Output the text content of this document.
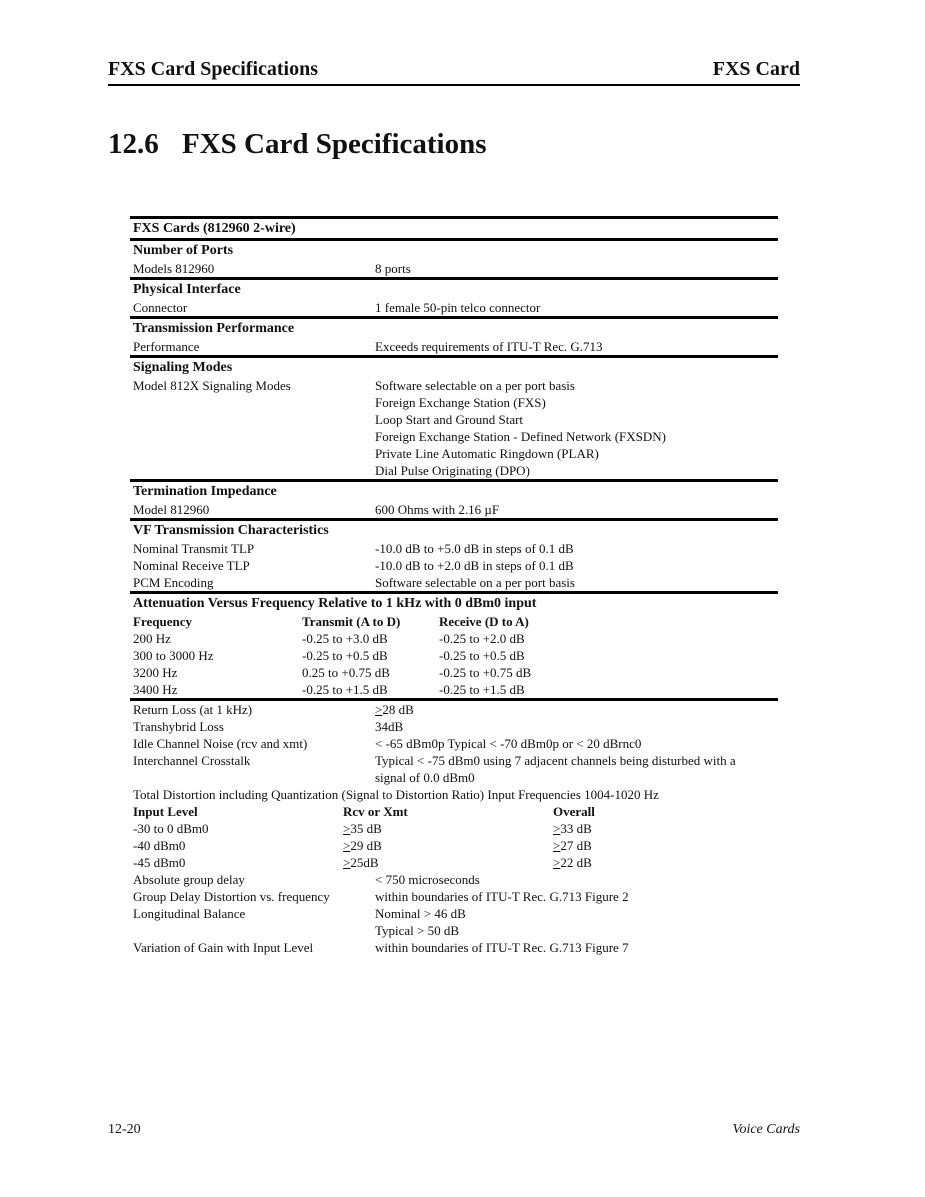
FXS Card Specifications	FXS Card
12.6 FXS Card Specifications
FXS Cards (812960 2-wire)
Number of Ports
Models 812960	8 ports
Physical Interface
Connector	1 female 50-pin telco connector
Transmission Performance
Performance	Exceeds requirements of ITU-T Rec. G.713
Signaling Modes
Model 812X Signaling Modes	Software selectable on a per port basis
Foreign Exchange Station (FXS)
Loop Start and Ground Start
Foreign Exchange Station - Defined Network (FXSDN)
Private Line Automatic Ringdown (PLAR)
Dial Pulse Originating (DPO)
Termination Impedance
Model 812960	600 Ohms with 2.16 µF
VF Transmission Characteristics
Nominal Transmit TLP	-10.0 dB to +5.0 dB in steps of 0.1 dB
Nominal Receive TLP	-10.0 dB to +2.0 dB in steps of 0.1 dB
PCM Encoding	Software selectable on a per port basis
Attenuation Versus Frequency Relative to 1 kHz with 0 dBm0 input
Frequency	Transmit (A to D)	Receive (D to A)
200 Hz	-0.25 to +3.0 dB	-0.25 to +2.0 dB
300 to 3000 Hz	-0.25 to +0.5 dB	-0.25 to +0.5 dB
3200 Hz	0.25 to +0.75 dB	-0.25 to +0.75 dB
3400 Hz	-0.25 to +1.5 dB	-0.25 to +1.5 dB
Return Loss (at 1 kHz)	≥28 dB
Transhybrid Loss	34dB
Idle Channel Noise (rcv and xmt)	< -65 dBm0p Typical < -70 dBm0p or < 20 dBrnc0
Interchannel Crosstalk	Typical < -75 dBm0 using 7 adjacent channels being disturbed with a
signal of 0.0 dBm0
Total Distortion including Quantization (Signal to Distortion Ratio) Input Frequencies 1004-1020 Hz
Input Level	Rcv or Xmt	Overall
-30 to 0 dBm0	≥35 dB	≥33 dB
-40 dBm0	≥29 dB	≥27 dB
-45 dBm0	≥25dB	≥22 dB
Absolute group delay	< 750 microseconds
Group Delay Distortion vs. frequency	within boundaries of ITU-T Rec. G.713 Figure 2
Longitudinal Balance	Nominal > 46 dB
Typical > 50 dB
Variation of Gain with Input Level	within boundaries of ITU-T Rec. G.713 Figure 7
12-20	Voice Cards
